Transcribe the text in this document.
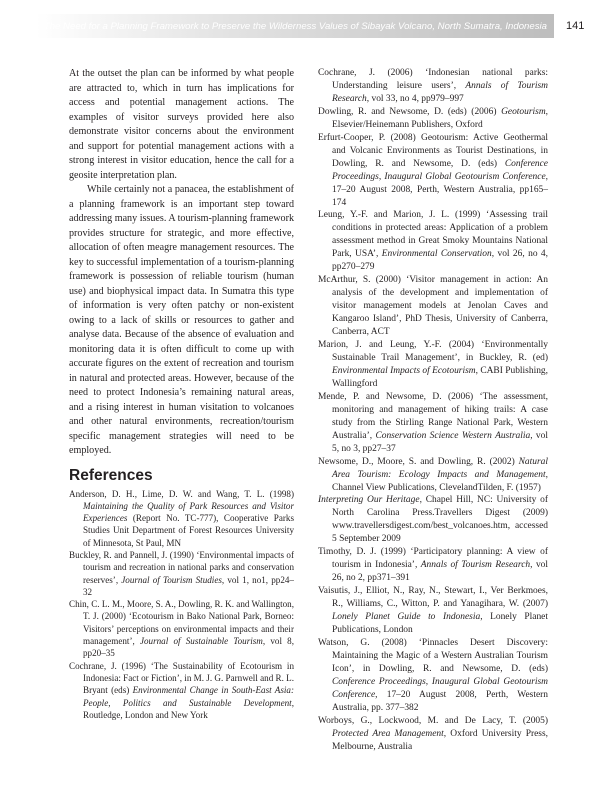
The Need for a Planning Framework to Preserve the Wilderness Values of Sibayak Volcano, North Sumatra, Indonesia 141

At the outset the plan can be informed by what people are attracted to, which in turn has implications for access and potential management actions. The examples of visitor surveys provided here also demonstrate visitor concerns about the environment and support for potential management actions with a strong interest in visitor education, hence the call for a geosite interpretation plan.

While certainly not a panacea, the establishment of a planning framework is an important step toward addressing many issues. A tourism-planning framework provides structure for strategic, and more effective, allocation of often meagre management resources. The key to successful implementation of a tourism-planning framework is possession of reliable tourism (human use) and biophysical impact data. In Sumatra this type of information is very often patchy or non-existent owing to a lack of skills or resources to gather and analyse data. Because of the absence of evaluation and monitoring data it is often difficult to come up with accurate figures on the extent of recreation and tourism in natural and protected areas. However, because of the need to protect Indonesia’s remaining natural areas, and a rising interest in human visitation to volcanoes and other natural environments, recreation/tourism specific management strategies will need to be employed.

References

Anderson, D. H., Lime, D. W. and Wang, T. L. (1998) Maintaining the Quality of Park Resources and Visitor Experiences (Report No. TC-777), Cooperative Parks Studies Unit Department of Forest Resources University of Minnesota, St Paul, MN

Buckley, R. and Pannell, J. (1990) ‘Environmental impacts of tourism and recreation in national parks and conservation reserves’, Journal of Tourism Studies, vol 1, no1, pp24–32

Chin, C. L. M., Moore, S. A., Dowling, R. K. and Wallington, T. J. (2000) ‘Ecotourism in Bako National Park, Borneo: Visitors’ perceptions on environmental impacts and their management’, Journal of Sustainable Tourism, vol 8, pp20–35

Cochrane, J. (1996) ‘The Sustainability of Ecotourism in Indonesia: Fact or Fiction’, in M. J. G. Parnwell and R. L. Bryant (eds) Environmental Change in South-East Asia: People, Politics and Sustainable Development, Routledge, London and New York

Cochrane, J. (2006) ‘Indonesian national parks: Understanding leisure users’, Annals of Tourism Research, vol 33, no 4, pp979–997

Dowling, R. and Newsome, D. (eds) (2006) Geotourism, Elsevier/Heinemann Publishers, Oxford

Erfurt-Cooper, P. (2008) Geotourism: Active Geothermal and Volcanic Environments as Tourist Destinations, in Dowling, R. and Newsome, D. (eds) Conference Proceedings, Inaugural Global Geotourism Conference, 17–20 August 2008, Perth, Western Australia, pp165–174

Leung, Y.-F. and Marion, J. L. (1999) ‘Assessing trail conditions in protected areas: Application of a problem assessment method in Great Smoky Mountains National Park, USA’, Environmental Conservation, vol 26, no 4, pp270–279

McArthur, S. (2000) ‘Visitor management in action: An analysis of the development and implementation of visitor management models at Jenolan Caves and Kangaroo Island’, PhD Thesis, University of Canberra, Canberra, ACT

Marion, J. and Leung, Y.-F. (2004) ‘Environmentally Sustainable Trail Management’, in Buckley, R. (ed) Environmental Impacts of Ecotourism, CABI Publishing, Wallingford

Mende, P. and Newsome, D. (2006) ‘The assessment, monitoring and management of hiking trails: A case study from the Stirling Range National Park, Western Australia’, Conservation Science Western Australia, vol 5, no 3, pp27–37

Newsome, D., Moore, S. and Dowling, R. (2002) Natural Area Tourism: Ecology Impacts and Management, Channel View Publications, ClevelandTilden, F. (1957)

Interpreting Our Heritage, Chapel Hill, NC: University of North Carolina Press.Travellers Digest (2009) www.travellersdigest.com/best_volcanoes.htm, accessed 5 September 2009

Timothy, D. J. (1999) ‘Participatory planning: A view of tourism in Indonesia’, Annals of Tourism Research, vol 26, no 2, pp371–391

Vaisutis, J., Elliot, N., Ray, N., Stewart, I., Ver Berkmoes, R., Williams, C., Witton, P. and Yanagihara, W. (2007) Lonely Planet Guide to Indonesia, Lonely Planet Publications, London

Watson, G. (2008) ‘Pinnacles Desert Discovery: Maintaining the Magic of a Western Australian Tourism Icon’, in Dowling, R. and Newsome, D. (eds) Conference Proceedings, Inaugural Global Geotourism Conference, 17–20 August 2008, Perth, Western Australia, pp. 377–382

Worboys, G., Lockwood, M. and De Lacy, T. (2005) Protected Area Management, Oxford University Press, Melbourne, Australia
